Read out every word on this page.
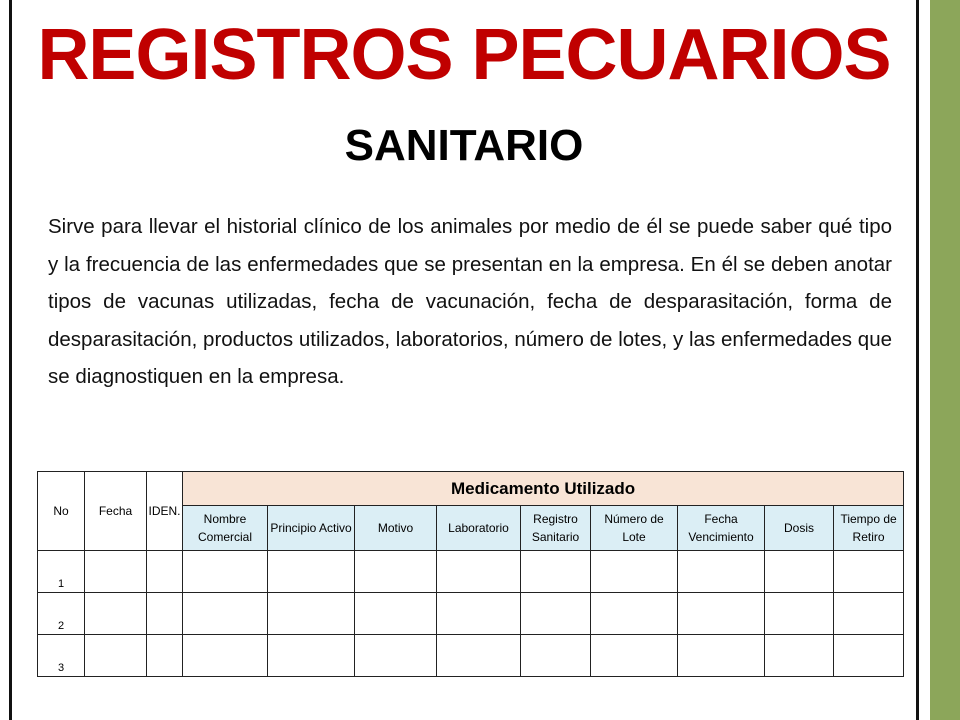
REGISTROS PECUARIOS
SANITARIO

Sirve para llevar el historial clínico de los animales por medio de él se puede saber qué tipo y la frecuencia de las enfermedades que se presentan en la empresa. En él se deben anotar tipos de vacunas utilizadas, fecha de vacunación, fecha de desparasitación, forma de desparasitación, productos utilizados, laboratorios, número de lotes, y las enfermedades que se diagnostiquen en la empresa.

No	Fecha	IDEN.	Medicamento Utilizado								
			Nombre Comercial	Principio Activo	Motivo	Laboratorio	Registro Sanitario	Número de Lote	Fecha Vencimiento	Dosis	Tiempo de Retiro
1											
2											
3											
